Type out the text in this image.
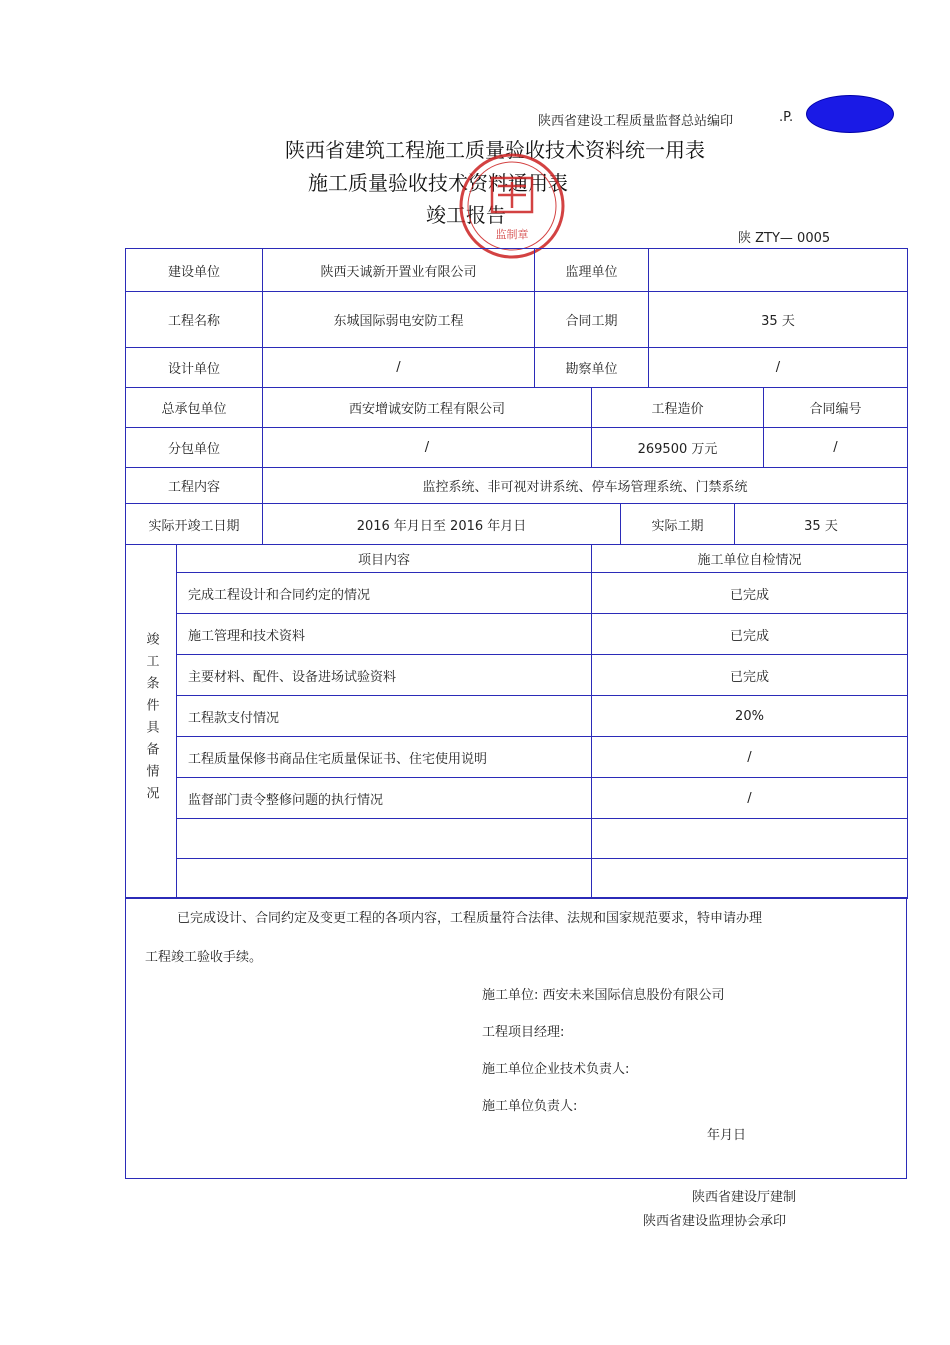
陕西省建设工程质量监督总站编印	.P.
陕西省建筑工程施工质量验收技术资料统一用表
施工质量验收技术资料通用表
竣工报告
监制章	陕 ZTY— 0005
建设单位	陕西天诚新开置业有限公司	监理单位	
工程名称	东城国际弱电安防工程	合同工期	35 天
设计单位	/	勘察单位	/
总承包单位	西安增诚安防工程有限公司	工程造价	合同编号
分包单位	/	269500 万元	/
工程内容	监控系统、非可视对讲系统、停车场管理系统、门禁系统
实际开竣工日期	2016 年月日至 2016 年月日	实际工期	35 天
竣工条件具备情况	项目内容	施工单位自检情况
	完成工程设计和合同约定的情况	已完成
	施工管理和技术资料	已完成
	主要材料、配件、设备进场试验资料	已完成
	工程款支付情况	20%
	工程质量保修书商品住宅质量保证书、住宅使用说明	/
	监督部门责令整修问题的执行情况	/

已完成设计、合同约定及变更工程的各项内容，工程质量符合法律、法规和国家规范要求，特申请办理
工程竣工验收手续。
施工单位: 西安未来国际信息股份有限公司
工程项目经理:
施工单位企业技术负责人:
施工单位负责人:
年月日
陕西省建设厅建制
陕西省建设监理协会承印
